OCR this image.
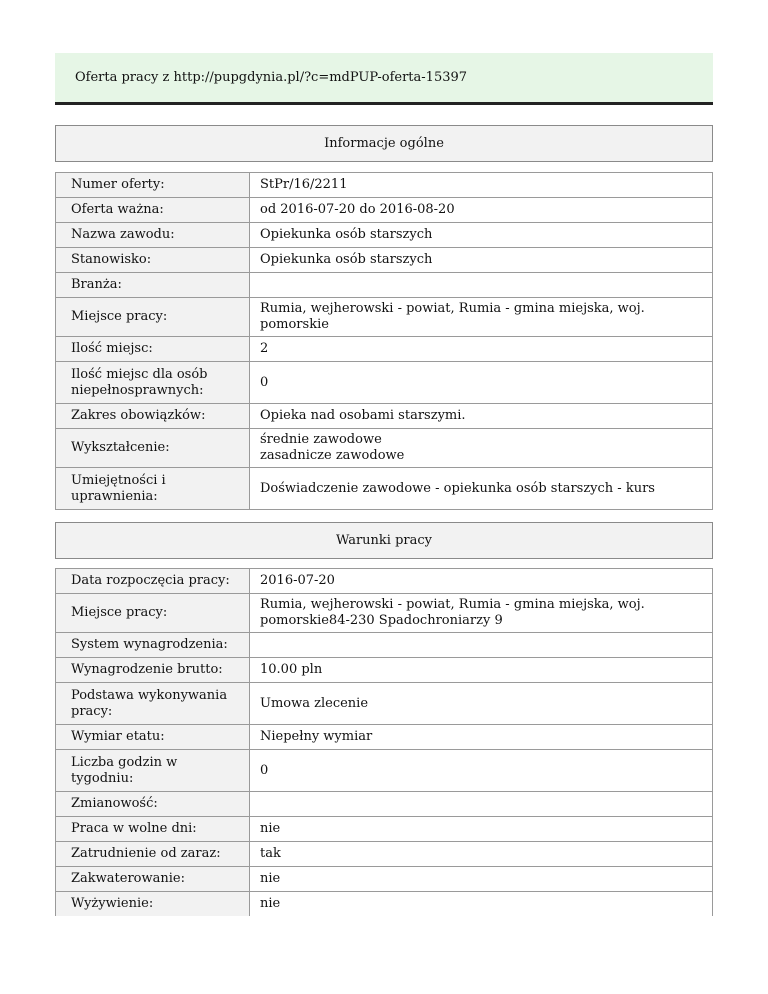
Oferta pracy z http://pupgdynia.pl/?c=mdPUP-oferta-15397
Informacje ogólne
Numer oferty:	StPr/16/2211
Oferta ważna:	od 2016-07-20 do 2016-08-20
Nazwa zawodu:	Opiekunka osób starszych
Stanowisko:	Opiekunka osób starszych
Branża:	
Miejsce pracy:	Rumia, wejherowski - powiat, Rumia - gmina miejska, woj. pomorskie
Ilość miejsc:	2
Ilość miejsc dla osób niepełnosprawnych:	0
Zakres obowiązków:	Opieka nad osobami starszymi.
Wykształcenie:	średnie zawodowe
zasadnicze zawodowe
Umiejętności i uprawnienia:	Doświadczenie zawodowe - opiekunka osób starszych - kurs
Warunki pracy
Data rozpoczęcia pracy:	2016-07-20
Miejsce pracy:	Rumia, wejherowski - powiat, Rumia - gmina miejska, woj. pomorskie84-230 Spadochroniarzy 9
System wynagrodzenia:	
Wynagrodzenie brutto:	10.00 pln
Podstawa wykonywania pracy:	Umowa zlecenie
Wymiar etatu:	Niepełny wymiar
Liczba godzin w tygodniu:	0
Zmianowość:	
Praca w wolne dni:	nie
Zatrudnienie od zaraz:	tak
Zakwaterowanie:	nie
Wyżywienie:	nie
